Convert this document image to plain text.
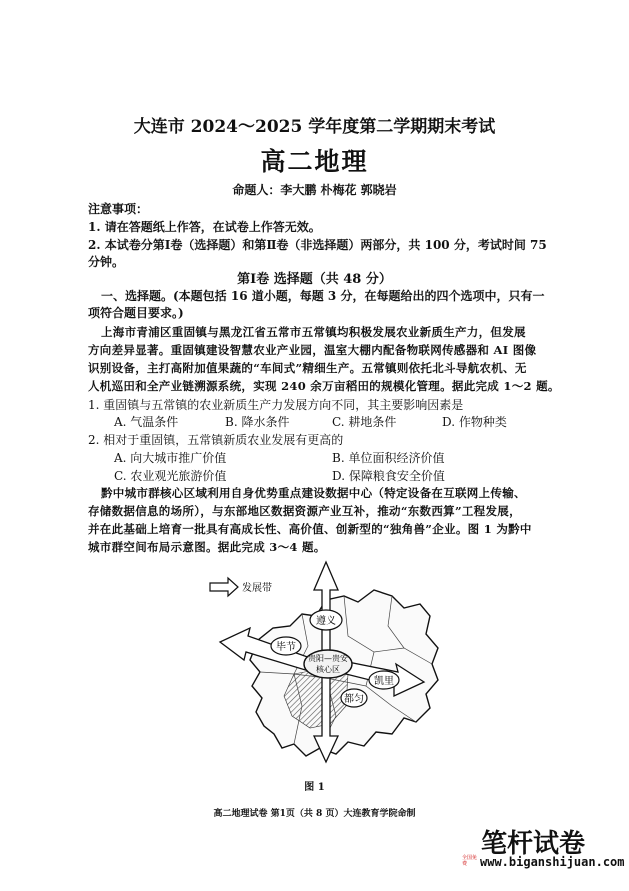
大连市 2024～2025 学年度第二学期期末考试
高二地理
命题人：李大鹏 朴梅花 郭晓岩
注意事项：
1. 请在答题纸上作答，在试卷上作答无效。
2. 本试卷分第Ⅰ卷（选择题）和第Ⅱ卷（非选择题）两部分，共 100 分，考试时间 75
分钟。
第Ⅰ卷 选择题（共 48 分）
一、选择题。(本题包括 16 道小题，每题 3 分，在每题给出的四个选项中，只有一
项符合题目要求。)
上海市青浦区重固镇与黑龙江省五常市五常镇均积极发展农业新质生产力，但发展
方向差异显著。重固镇建设智慧农业产业园，温室大棚内配备物联网传感器和 AI 图像
识别设备，主打高附加值果蔬的“车间式”精细生产。五常镇则依托北斗导航农机、无
人机巡田和全产业链溯源系统，实现 240 余万亩稻田的规模化管理。据此完成 1～2 题。
1. 重固镇与五常镇的农业新质生产力发展方向不同，其主要影响因素是
A. 气温条件	B. 降水条件	C. 耕地条件	D. 作物种类
2. 相对于重固镇，五常镇新质农业发展有更高的
A. 向大城市推广价值	B. 单位面积经济价值
C. 农业观光旅游价值	D. 保障粮食安全价值
黔中城市群核心区域利用自身优势重点建设数据中心（特定设备在互联网上传输、
存储数据信息的场所），与东部地区数据资源产业互补，推动“东数西算”工程发展，
并在此基础上培育一批具有高成长性、高价值、创新型的“独角兽”企业。图 1 为黔中
城市群空间布局示意图。据此完成 3～4 题。
发展带
遵义
毕节
贵阳—贵安
核心区
凯里
都匀
图 1
高二地理试卷 第1页（共 8 页）大连教育学院命制
笔杆试卷
全国免费	www.biganshijuan.com
